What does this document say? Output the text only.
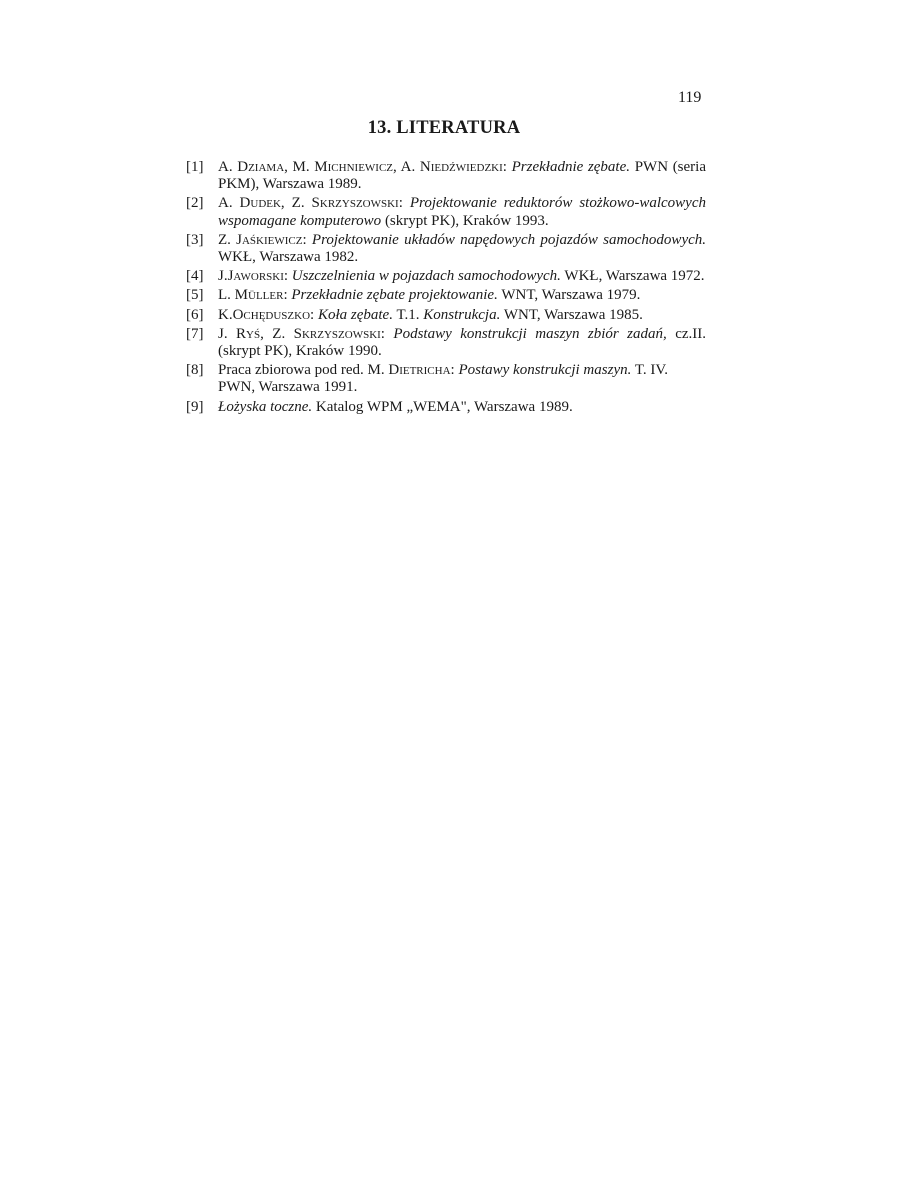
119
13. LITERATURA
[1] A. Dziama, M. Michniewicz, A. Niedźwiedzki: Przekładnie zębate. PWN (seria PKM), Warszawa 1989.
[2] A. Dudek, Z. Skrzyszowski: Projektowanie reduktorów stożkowo-walcowych wspomagane komputerowo (skrypt PK), Kraków 1993.
[3] Z. Jaśkiewicz: Projektowanie układów napędowych pojazdów samochodowych. WKŁ, Warszawa 1982.
[4] J.Jaworski: Uszczelnienia w pojazdach samochodowych. WKŁ, Warszawa 1972.
[5] L. Müller: Przekładnie zębate projektowanie. WNT, Warszawa 1979.
[6] K.Ochęduszko: Koła zębate. T.1. Konstrukcja. WNT, Warszawa 1985.
[7] J. Ryś, Z. Skrzyszowski: Podstawy konstrukcji maszyn zbiór zadań, cz.II. (skrypt PK), Kraków 1990.
[8] Praca zbiorowa pod red. M. Dietricha: Postawy konstrukcji maszyn. T. IV. PWN, Warszawa 1991.
[9] Łożyska toczne. Katalog WPM „WEMA", Warszawa 1989.
